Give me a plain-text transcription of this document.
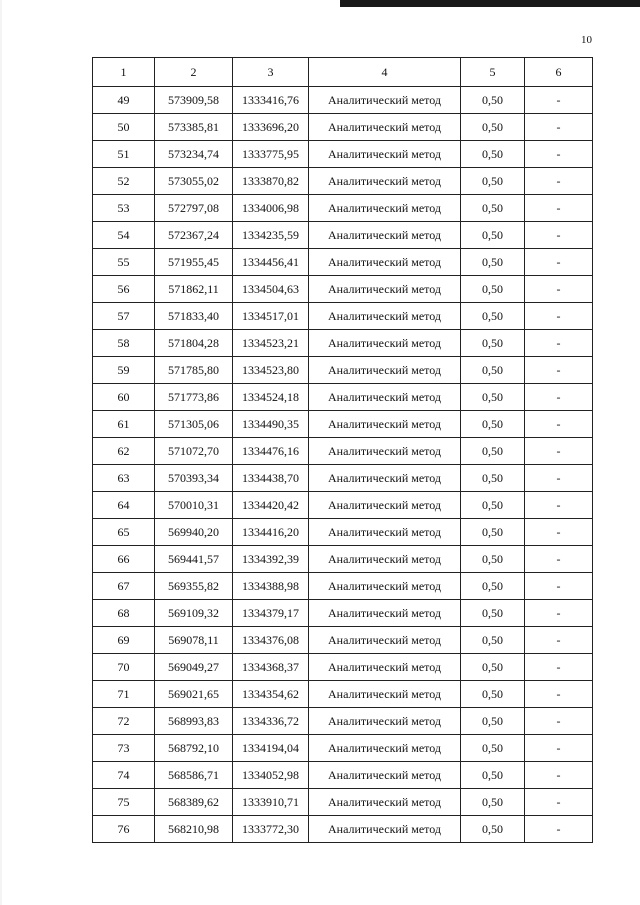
10
1	2	3	4	5	6
49	573909,58	1333416,76	Аналитический метод	0,50	-
50	573385,81	1333696,20	Аналитический метод	0,50	-
51	573234,74	1333775,95	Аналитический метод	0,50	-
52	573055,02	1333870,82	Аналитический метод	0,50	-
53	572797,08	1334006,98	Аналитический метод	0,50	-
54	572367,24	1334235,59	Аналитический метод	0,50	-
55	571955,45	1334456,41	Аналитический метод	0,50	-
56	571862,11	1334504,63	Аналитический метод	0,50	-
57	571833,40	1334517,01	Аналитический метод	0,50	-
58	571804,28	1334523,21	Аналитический метод	0,50	-
59	571785,80	1334523,80	Аналитический метод	0,50	-
60	571773,86	1334524,18	Аналитический метод	0,50	-
61	571305,06	1334490,35	Аналитический метод	0,50	-
62	571072,70	1334476,16	Аналитический метод	0,50	-
63	570393,34	1334438,70	Аналитический метод	0,50	-
64	570010,31	1334420,42	Аналитический метод	0,50	-
65	569940,20	1334416,20	Аналитический метод	0,50	-
66	569441,57	1334392,39	Аналитический метод	0,50	-
67	569355,82	1334388,98	Аналитический метод	0,50	-
68	569109,32	1334379,17	Аналитический метод	0,50	-
69	569078,11	1334376,08	Аналитический метод	0,50	-
70	569049,27	1334368,37	Аналитический метод	0,50	-
71	569021,65	1334354,62	Аналитический метод	0,50	-
72	568993,83	1334336,72	Аналитический метод	0,50	-
73	568792,10	1334194,04	Аналитический метод	0,50	-
74	568586,71	1334052,98	Аналитический метод	0,50	-
75	568389,62	1333910,71	Аналитический метод	0,50	-
76	568210,98	1333772,30	Аналитический метод	0,50	-
